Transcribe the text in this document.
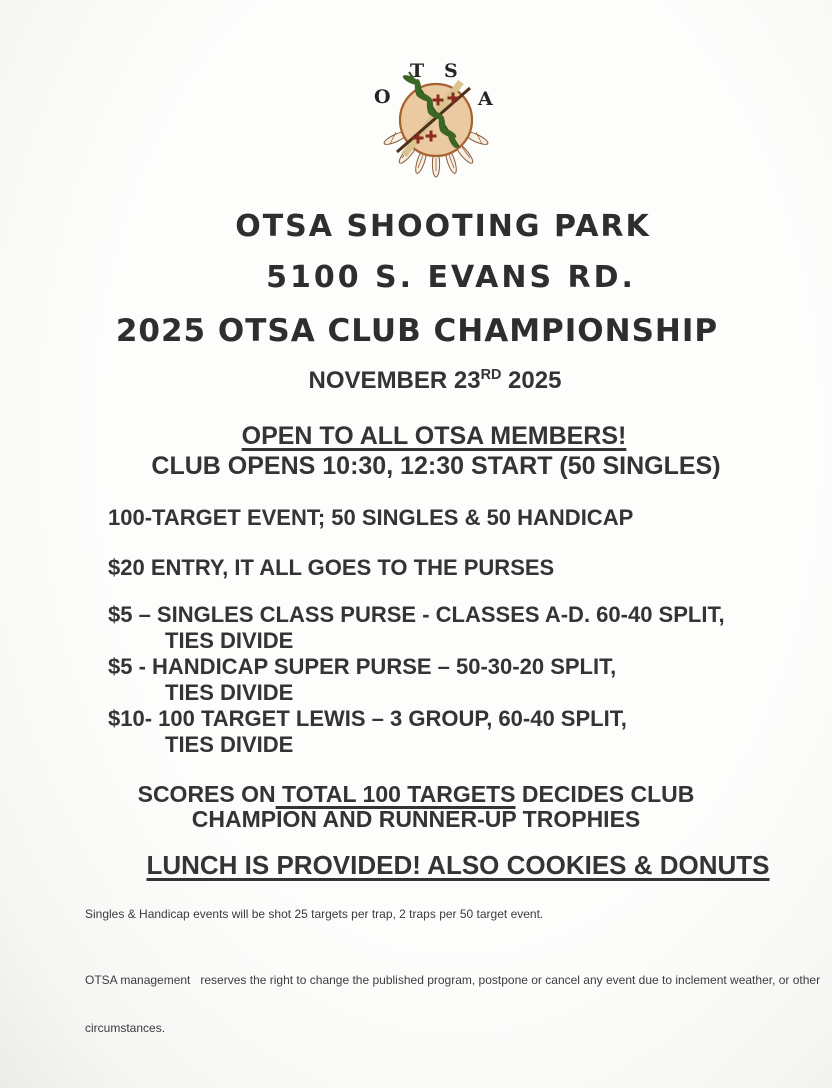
O
T S
A
OTSA SHOOTING PARK
5100 S. EVANS RD.
2025 OTSA CLUB CHAMPIONSHIP
NOVEMBER 23RD 2025
OPEN TO ALL OTSA MEMBERS!
CLUB OPENS 10:30, 12:30 START (50 SINGLES)
100-TARGET EVENT; 50 SINGLES & 50 HANDICAP
$20 ENTRY, IT ALL GOES TO THE PURSES
$5 – SINGLES CLASS PURSE - CLASSES A-D. 60-40 SPLIT,
TIES DIVIDE
$5 - HANDICAP SUPER PURSE – 50-30-20 SPLIT,
TIES DIVIDE
$10- 100 TARGET LEWIS – 3 GROUP, 60-40 SPLIT,
TIES DIVIDE
SCORES ON TOTAL 100 TARGETS DECIDES CLUB
CHAMPION AND RUNNER-UP TROPHIES
LUNCH IS PROVIDED! ALSO COOKIES & DONUTS
Singles & Handicap events will be shot 25 targets per trap, 2 traps per 50 target event.

OTSA management   reserves the right to change the published program, postpone or cancel any event due to inclement weather, or other

circumstances.
